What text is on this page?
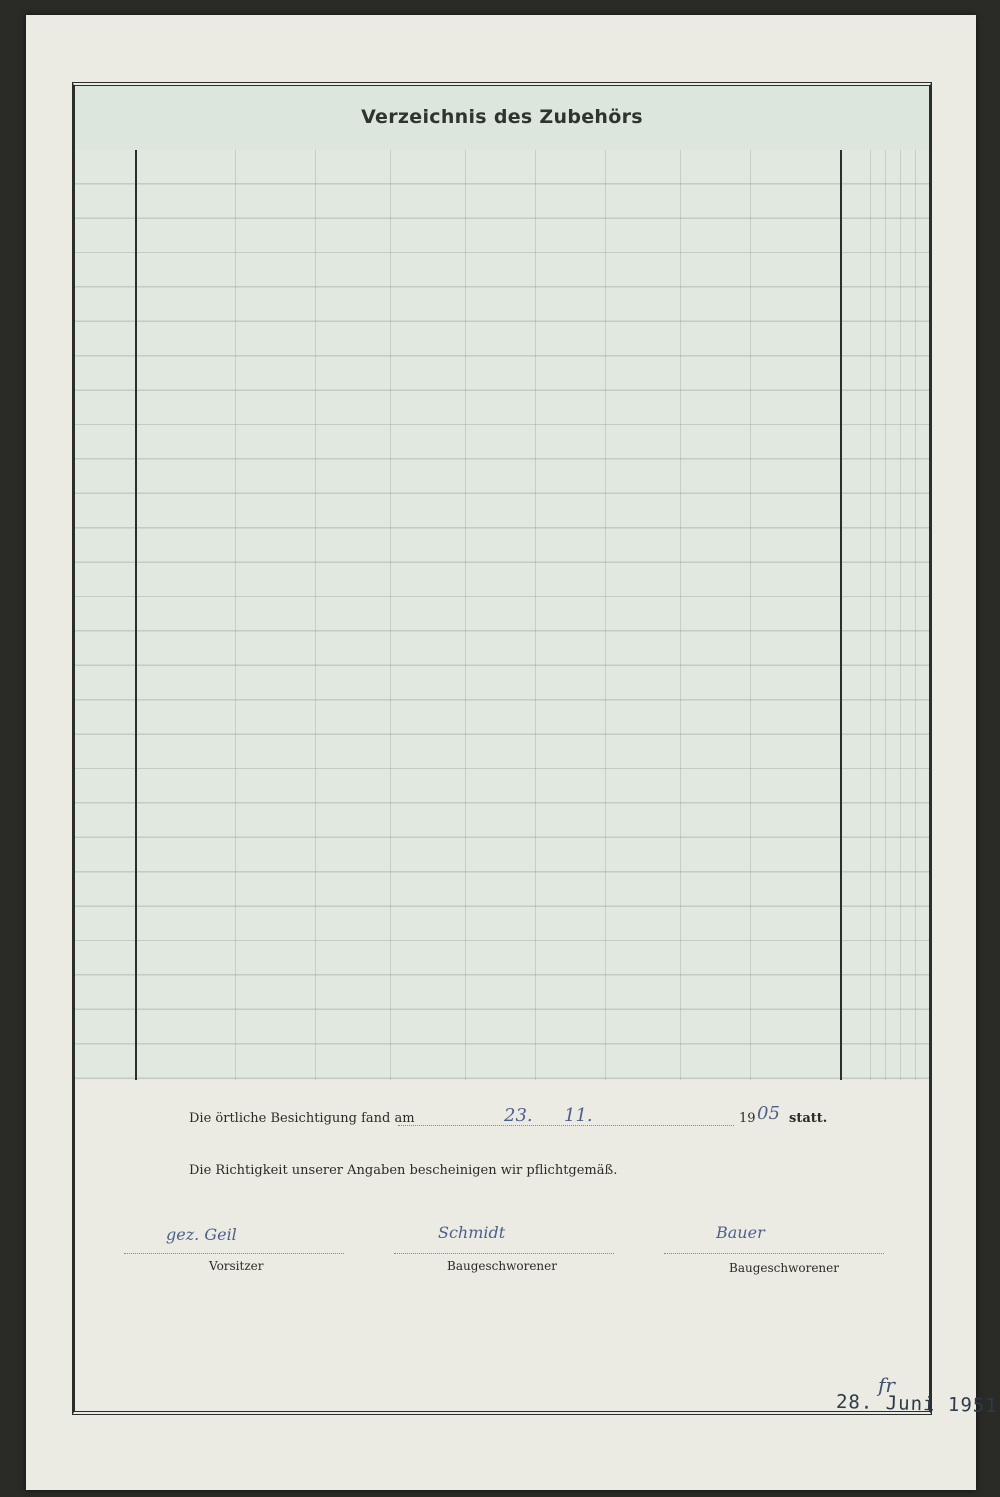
Verzeichnis des Zubehörs
Die örtliche Besichtigung fand am	23. 11.	19 05 statt.
Die Richtigkeit unserer Angaben bescheinigen wir pflichtgemäß.
gez. Geil
Vorsitzer
Schmidt
Baugeschworener
Bauer
Baugeschworener
fr
28. Juni 1951
